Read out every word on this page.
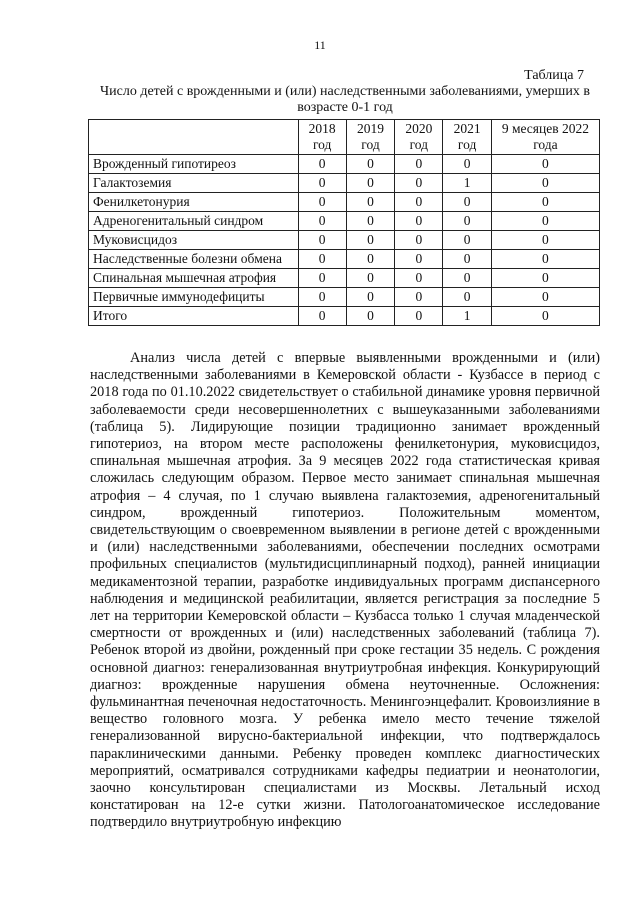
11
Таблица 7
Число детей с врожденными и (или) наследственными заболеваниями, умерших в возрасте 0-1 год
	2018 год	2019 год	2020 год	2021 год	9 месяцев 2022 года
Врожденный гипотиреоз	0	0	0	0	0
Галактоземия	0	0	0	1	0
Фенилкетонурия	0	0	0	0	0
Адреногенитальный синдром	0	0	0	0	0
Муковисцидоз	0	0	0	0	0
Наследственные болезни обмена	0	0	0	0	0
Спинальная мышечная атрофия	0	0	0	0	0
Первичные иммунодефициты	0	0	0	0	0
Итого	0	0	0	1	0

Анализ числа детей с впервые выявленными врожденными и (или) наследственными заболеваниями в Кемеровской области - Кузбассе в период с 2018 года по 01.10.2022 свидетельствует о стабильной динамике уровня первичной заболеваемости среди несовершеннолетних с вышеуказанными заболеваниями (таблица 5). Лидирующие позиции традиционно занимает врожденный гипотериоз, на втором месте расположены фенилкетонурия, муковисцидоз, спинальная мышечная атрофия. За 9 месяцев 2022 года статистическая кривая сложилась следующим образом. Первое место занимает спинальная мышечная атрофия – 4 случая, по 1 случаю выявлена галактоземия, адреногенитальный синдром, врожденный гипотериоз. Положительным моментом, свидетельствующим о своевременном выявлении в регионе детей с врожденными и (или) наследственными заболеваниями, обеспечении последних осмотрами профильных специалистов (мультидисциплинарный подход), ранней инициации медикаментозной терапии, разработке индивидуальных программ диспансерного наблюдения и медицинской реабилитации, является регистрация за последние 5 лет на территории Кемеровской области – Кузбасса только 1 случая младенческой смертности от врожденных и (или) наследственных заболеваний (таблица 7). Ребенок второй из двойни, рожденный при сроке гестации 35 недель. С рождения основной диагноз: генерализованная внутриутробная инфекция. Конкурирующий диагноз: врожденные нарушения обмена неуточненные. Осложнения: фульминантная печеночная недостаточность. Менингоэнцефалит. Кровоизлияние в вещество головного мозга. У ребенка имело место течение тяжелой генерализованной вирусно-бактериальной инфекции, что подтверждалось параклиническими данными. Ребенку проведен комплекс диагностических мероприятий, осматривался сотрудниками кафедры педиатрии и неонатологии, заочно консультирован специалистами из Москвы. Летальный исход констатирован на 12-е сутки жизни. Патологоанатомическое исследование подтвердило внутриутробную инфекцию
